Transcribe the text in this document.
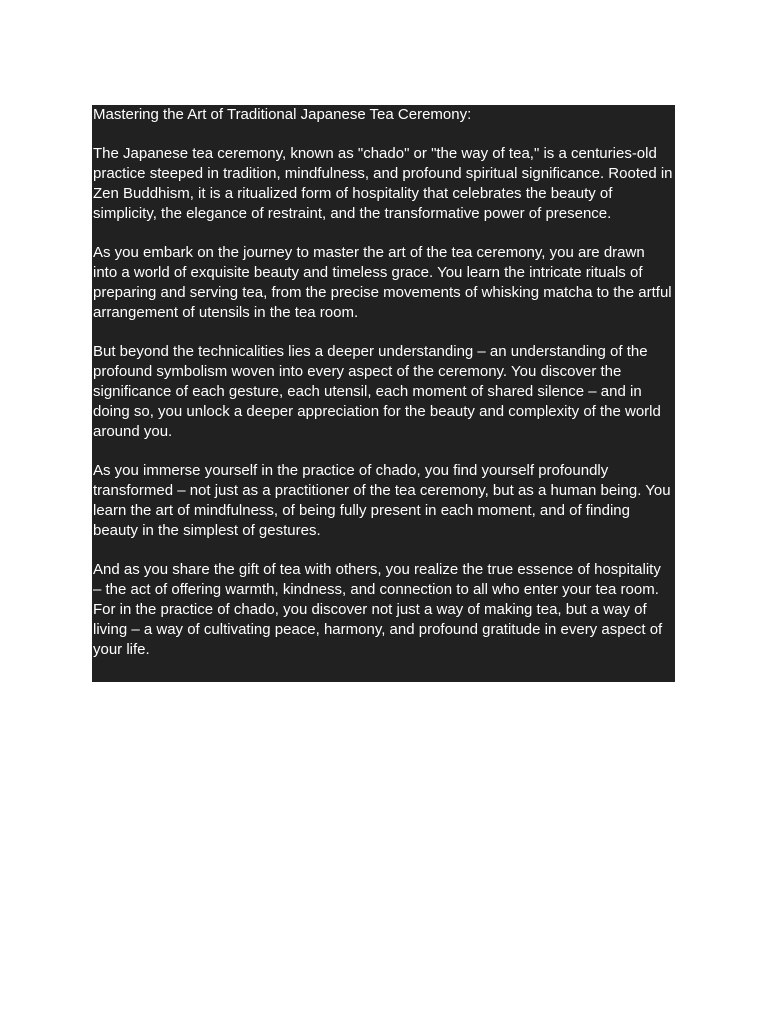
Mastering the Art of Traditional Japanese Tea Ceremony:

The Japanese tea ceremony, known as "chado" or "the way of tea," is a centuries-old practice steeped in tradition, mindfulness, and profound spiritual significance. Rooted in Zen Buddhism, it is a ritualized form of hospitality that celebrates the beauty of simplicity, the elegance of restraint, and the transformative power of presence.

As you embark on the journey to master the art of the tea ceremony, you are drawn into a world of exquisite beauty and timeless grace. You learn the intricate rituals of preparing and serving tea, from the precise movements of whisking matcha to the artful arrangement of utensils in the tea room.

But beyond the technicalities lies a deeper understanding – an understanding of the profound symbolism woven into every aspect of the ceremony. You discover the significance of each gesture, each utensil, each moment of shared silence – and in doing so, you unlock a deeper appreciation for the beauty and complexity of the world around you.

As you immerse yourself in the practice of chado, you find yourself profoundly transformed – not just as a practitioner of the tea ceremony, but as a human being. You learn the art of mindfulness, of being fully present in each moment, and of finding beauty in the simplest of gestures.

And as you share the gift of tea with others, you realize the true essence of hospitality – the act of offering warmth, kindness, and connection to all who enter your tea room. For in the practice of chado, you discover not just a way of making tea, but a way of living – a way of cultivating peace, harmony, and profound gratitude in every aspect of your life.
